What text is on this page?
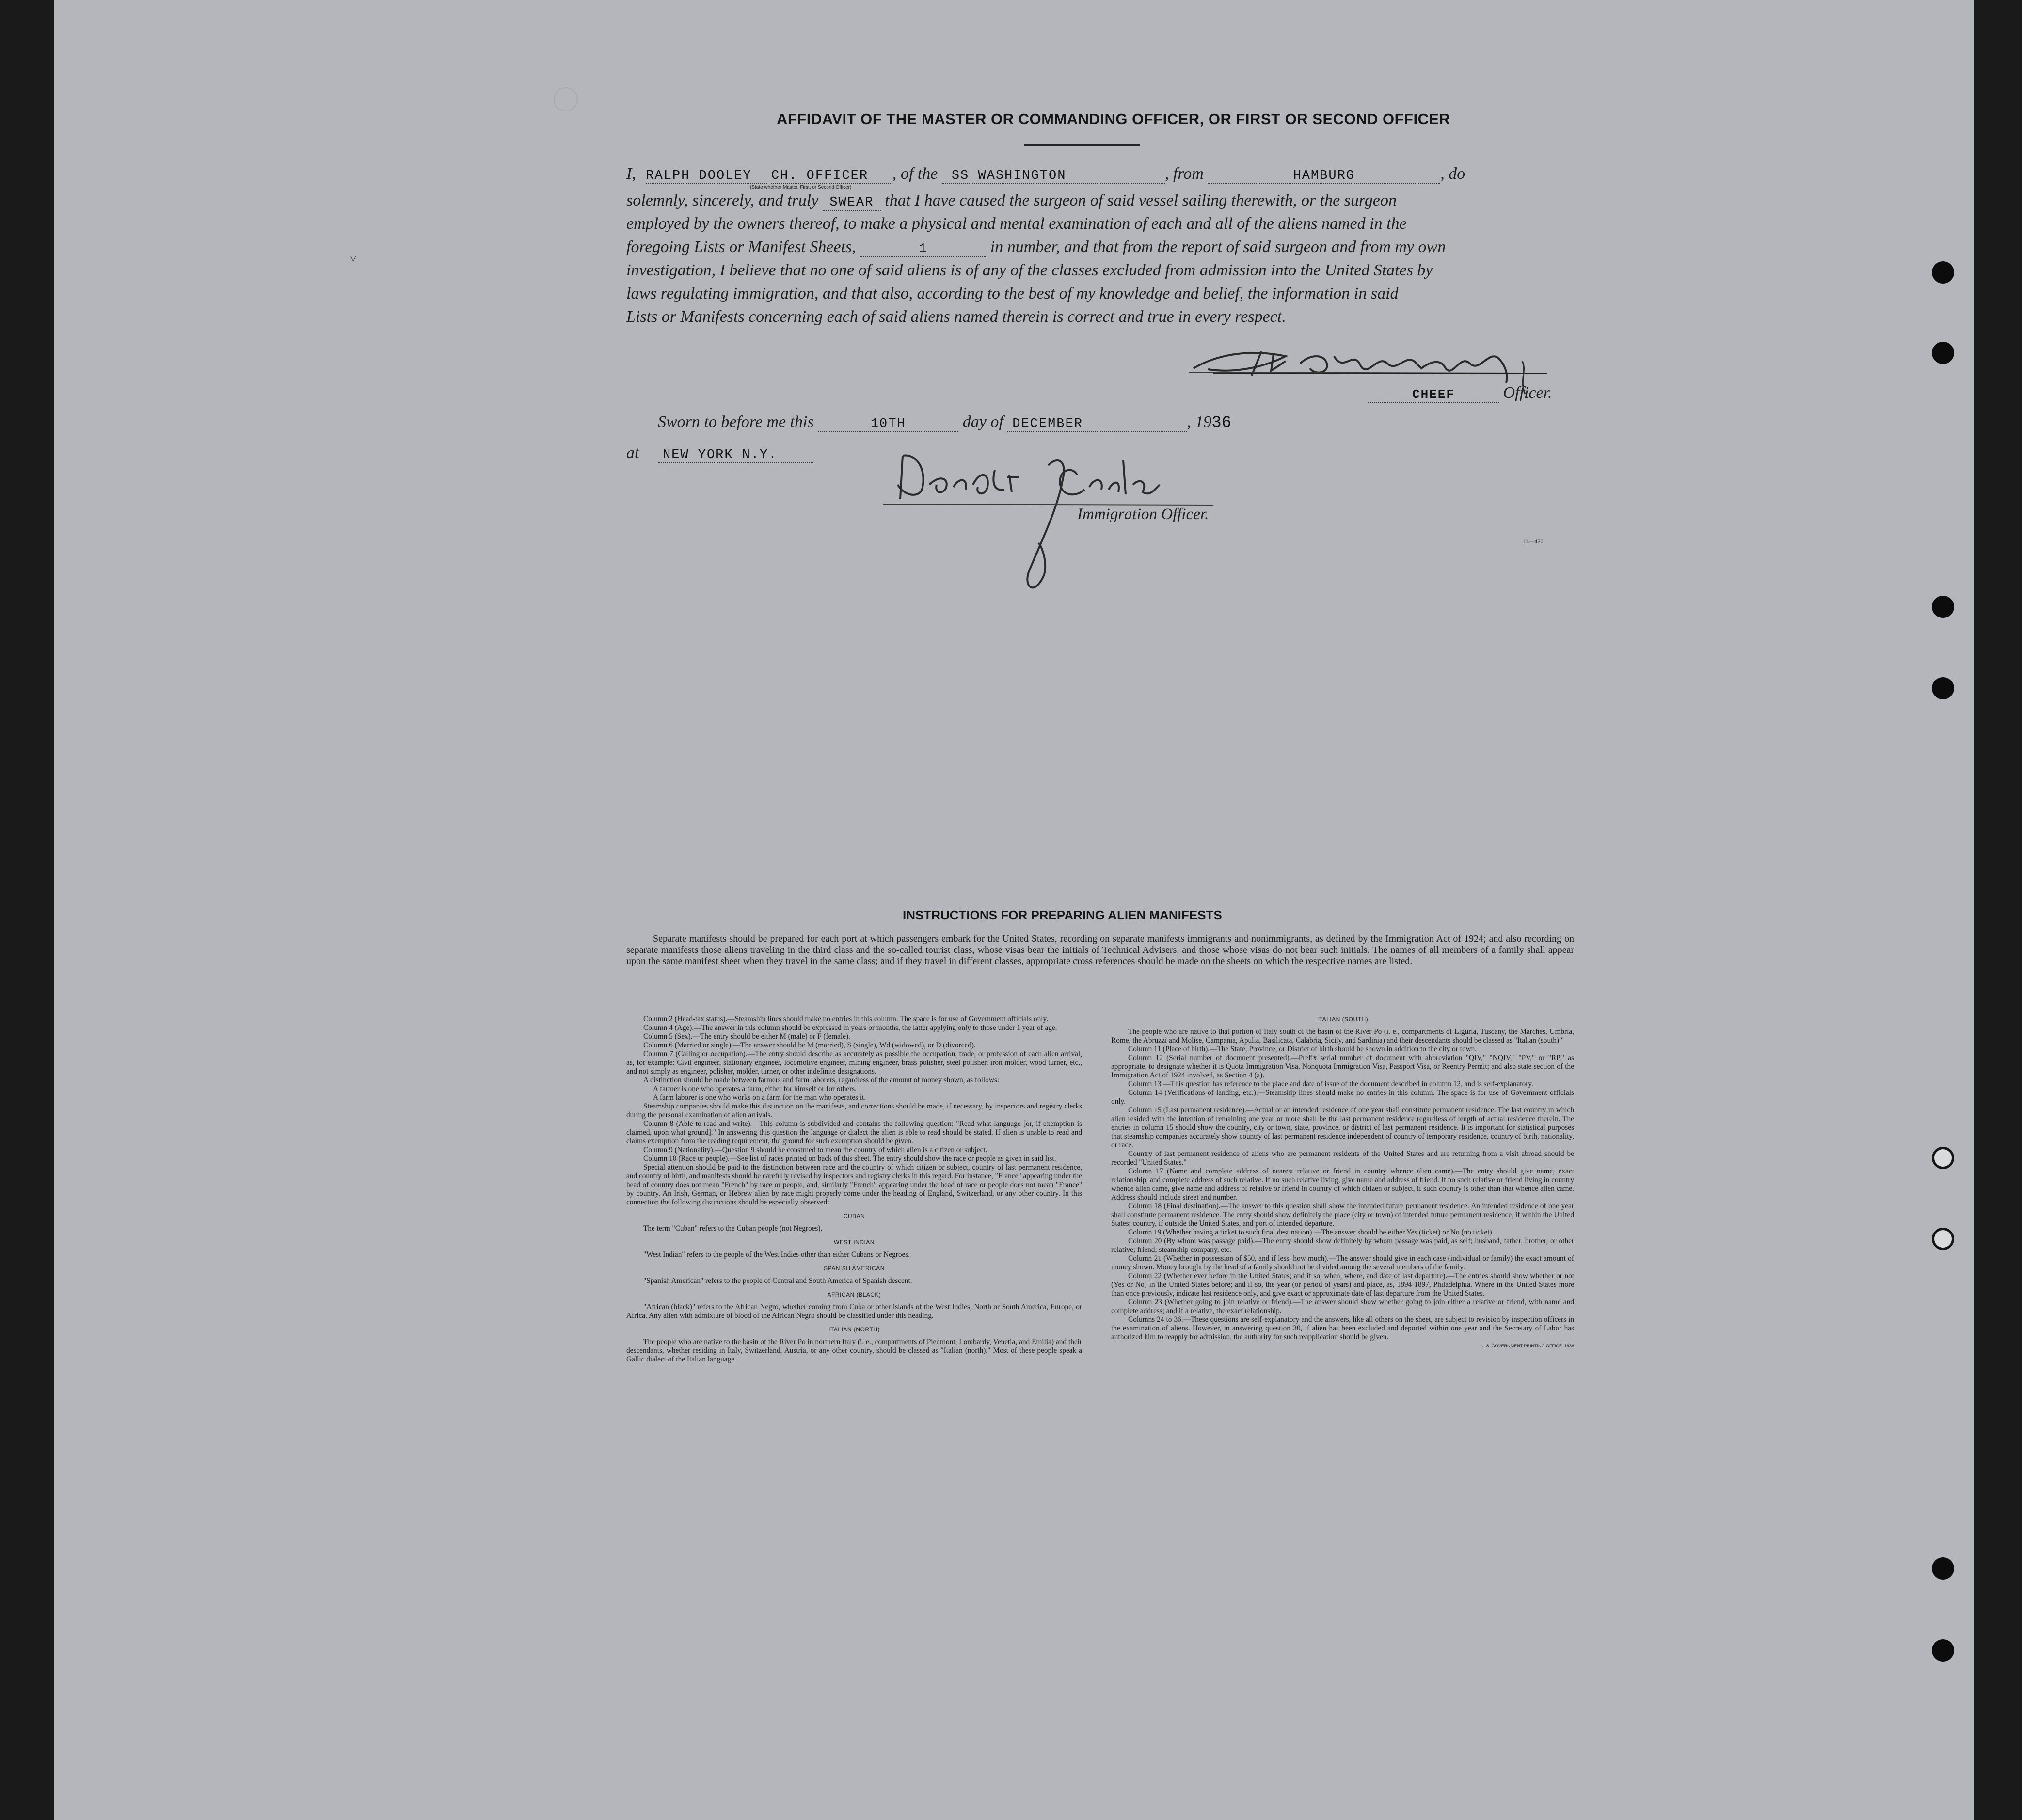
˅
AFFIDAVIT OF THE MASTER OR COMMANDING OFFICER, OR FIRST OR SECOND OFFICER
I, RALPH DOOLEY CH. OFFICER , of the SS WASHINGTON	, from	HAMBURG	, do
(State whether Master, First, or Second Officer)
solemnly, sincerely, and truly SWEAR that I have caused the surgeon of said vessel sailing therewith, or the surgeon
employed by the owners thereof, to make a physical and mental examination of each and all of the aliens named in the
foregoing Lists or Manifest Sheets,	1	in number, and that from the report of said surgeon and from my own
investigation, I believe that no one of said aliens is of any of the classes excluded from admission into the United States by
laws regulating immigration, and that also, according to the best of my knowledge and belief, the information in said
Lists or Manifests concerning each of said aliens named therein is correct and true in every respect.
CHEEF	Officer.
Sworn to before me this	10TH	day of DECEMBER	, 1936
at NEW YORK N.Y.
Immigration Officer.
14—420
INSTRUCTIONS FOR PREPARING ALIEN MANIFESTS
Separate manifests should be prepared for each port at which passengers embark for the United States, recording on separate manifests immigrants and nonimmigrants, as defined by the Immigration Act of 1924; and also recording on separate manifests those aliens traveling in the third class and the so-called tourist class, whose visas bear the initials of Technical Advisers, and those whose visas do not bear such initials. The names of all members of a family shall appear upon the same manifest sheet when they travel in the same class; and if they travel in different classes, appropriate cross references should be made on the sheets on which the respective names are listed.

Column 2 (Head-tax status).—Steamship lines should make no entries in this column. The space is for use of Government officials only.

Column 4 (Age).—The answer in this column should be expressed in years or months, the latter applying only to those under 1 year of age.

Column 5 (Sex).—The entry should be either M (male) or F (female).

Column 6 (Married or single).—The answer should be M (married), S (single), Wd (widowed), or D (divorced).

Column 7 (Calling or occupation).—The entry should describe as accurately as possible the occupation, trade, or profession of each alien arrival, as, for example: Civil engineer, stationary engineer, locomotive engineer, mining engineer, brass polisher, steel polisher, iron molder, wood turner, etc., and not simply as engineer, polisher, molder, turner, or other indefinite designations.

A distinction should be made between farmers and farm laborers, regardless of the amount of money shown, as follows:

A farmer is one who operates a farm, either for himself or for others.

A farm laborer is one who works on a farm for the man who operates it.

Steamship companies should make this distinction on the manifests, and corrections should be made, if necessary, by inspectors and registry clerks during the personal examination of alien arrivals.

Column 8 (Able to read and write).—This column is subdivided and contains the following question: "Read what language [or, if exemption is claimed, upon what ground]." In answering this question the language or dialect the alien is able to read should be stated. If alien is unable to read and claims exemption from the reading requirement, the ground for such exemption should be given.

Column 9 (Nationality).—Question 9 should be construed to mean the country of which alien is a citizen or subject.

Column 10 (Race or people).—See list of races printed on back of this sheet. The entry should show the race or people as given in said list.

Special attention should be paid to the distinction between race and the country of which citizen or subject, country of last permanent residence, and country of birth, and manifests should be carefully revised by inspectors and registry clerks in this regard. For instance, "France" appearing under the head of country does not mean "French" by race or people, and, similarly "French" appearing under the head of race or people does not mean "France" by country. An Irish, German, or Hebrew alien by race might properly come under the heading of England, Switzerland, or any other country. In this connection the following distinctions should be especially observed:

CUBAN

The term "Cuban" refers to the Cuban people (not Negroes).

WEST INDIAN

"West Indian" refers to the people of the West Indies other than either Cubans or Negroes.

SPANISH AMERICAN

"Spanish American" refers to the people of Central and South America of Spanish descent.

AFRICAN (BLACK)

"African (black)" refers to the African Negro, whether coming from Cuba or other islands of the West Indies, North or South America, Europe, or Africa. Any alien with admixture of blood of the African Negro should be classified under this heading.

ITALIAN (NORTH)

The people who are native to the basin of the River Po in northern Italy (i. e., compartments of Piedmont, Lombardy, Venetia, and Emilia) and their descendants, whether residing in Italy, Switzerland, Austria, or any other country, should be classed as "Italian (north)." Most of these people speak a Gallic dialect of the Italian language.

ITALIAN (SOUTH)

The people who are native to that portion of Italy south of the basin of the River Po (i. e., compartments of Liguria, Tuscany, the Marches, Umbria, Rome, the Abruzzi and Molise, Campania, Apulia, Basilicata, Calabria, Sicily, and Sardinia) and their descendants should be classed as "Italian (south)."

Column 11 (Place of birth).—The State, Province, or District of birth should be shown in addition to the city or town.

Column 12 (Serial number of document presented).—Prefix serial number of document with abbreviation "QIV," "NQIV," "PV," or "RP," as appropriate, to designate whether it is Quota Immigration Visa, Nonquota Immigration Visa, Passport Visa, or Reentry Permit; and also state section of the Immigration Act of 1924 involved, as Section 4 (a).

Column 13.—This question has reference to the place and date of issue of the document described in column 12, and is self-explanatory.

Column 14 (Verifications of landing, etc.).—Steamship lines should make no entries in this column. The space is for use of Government officials only.

Column 15 (Last permanent residence).—Actual or an intended residence of one year shall constitute permanent residence. The last country in which alien resided with the intention of remaining one year or more shall be the last permanent residence regardless of length of actual residence therein. The entries in column 15 should show the country, city or town, state, province, or district of last permanent residence. It is important for statistical purposes that steamship companies accurately show country of last permanent residence independent of country of temporary residence, country of birth, nationality, or race.

Country of last permanent residence of aliens who are permanent residents of the United States and are returning from a visit abroad should be recorded "United States."

Column 17 (Name and complete address of nearest relative or friend in country whence alien came).—The entry should give name, exact relationship, and complete address of such relative. If no such relative living, give name and address of friend. If no such relative or friend living in country whence alien came, give name and address of relative or friend in country of which citizen or subject, if such country is other than that whence alien came. Address should include street and number.

Column 18 (Final destination).—The answer to this question shall show the intended future permanent residence. An intended residence of one year shall constitute permanent residence. The entry should show definitely the place (city or town) of intended future permanent residence, if within the United States; country, if outside the United States, and port of intended departure.

Column 19 (Whether having a ticket to such final destination).—The answer should be either Yes (ticket) or No (no ticket).

Column 20 (By whom was passage paid).—The entry should show definitely by whom passage was paid, as self; husband, father, brother, or other relative; friend; steamship company, etc.

Column 21 (Whether in possession of $50, and if less, how much).—The answer should give in each case (individual or family) the exact amount of money shown. Money brought by the head of a family should not be divided among the several members of the family.

Column 22 (Whether ever before in the United States; and if so, when, where, and date of last departure).—The entries should show whether or not (Yes or No) in the United States before; and if so, the year (or period of years) and place, as, 1894-1897, Philadelphia. Where in the United States more than once previously, indicate last residence only, and give exact or approximate date of last departure from the United States.

Column 23 (Whether going to join relative or friend).—The answer should show whether going to join either a relative or friend, with name and complete address; and if a relative, the exact relationship.

Columns 24 to 36.—These questions are self-explanatory and the answers, like all others on the sheet, are subject to revision by inspection officers in the examination of aliens. However, in answering question 30, if alien has been excluded and deported within one year and the Secretary of Labor has authorized him to reapply for admission, the authority for such reapplication should be given.

U. S. GOVERNMENT PRINTING OFFICE: 1936
